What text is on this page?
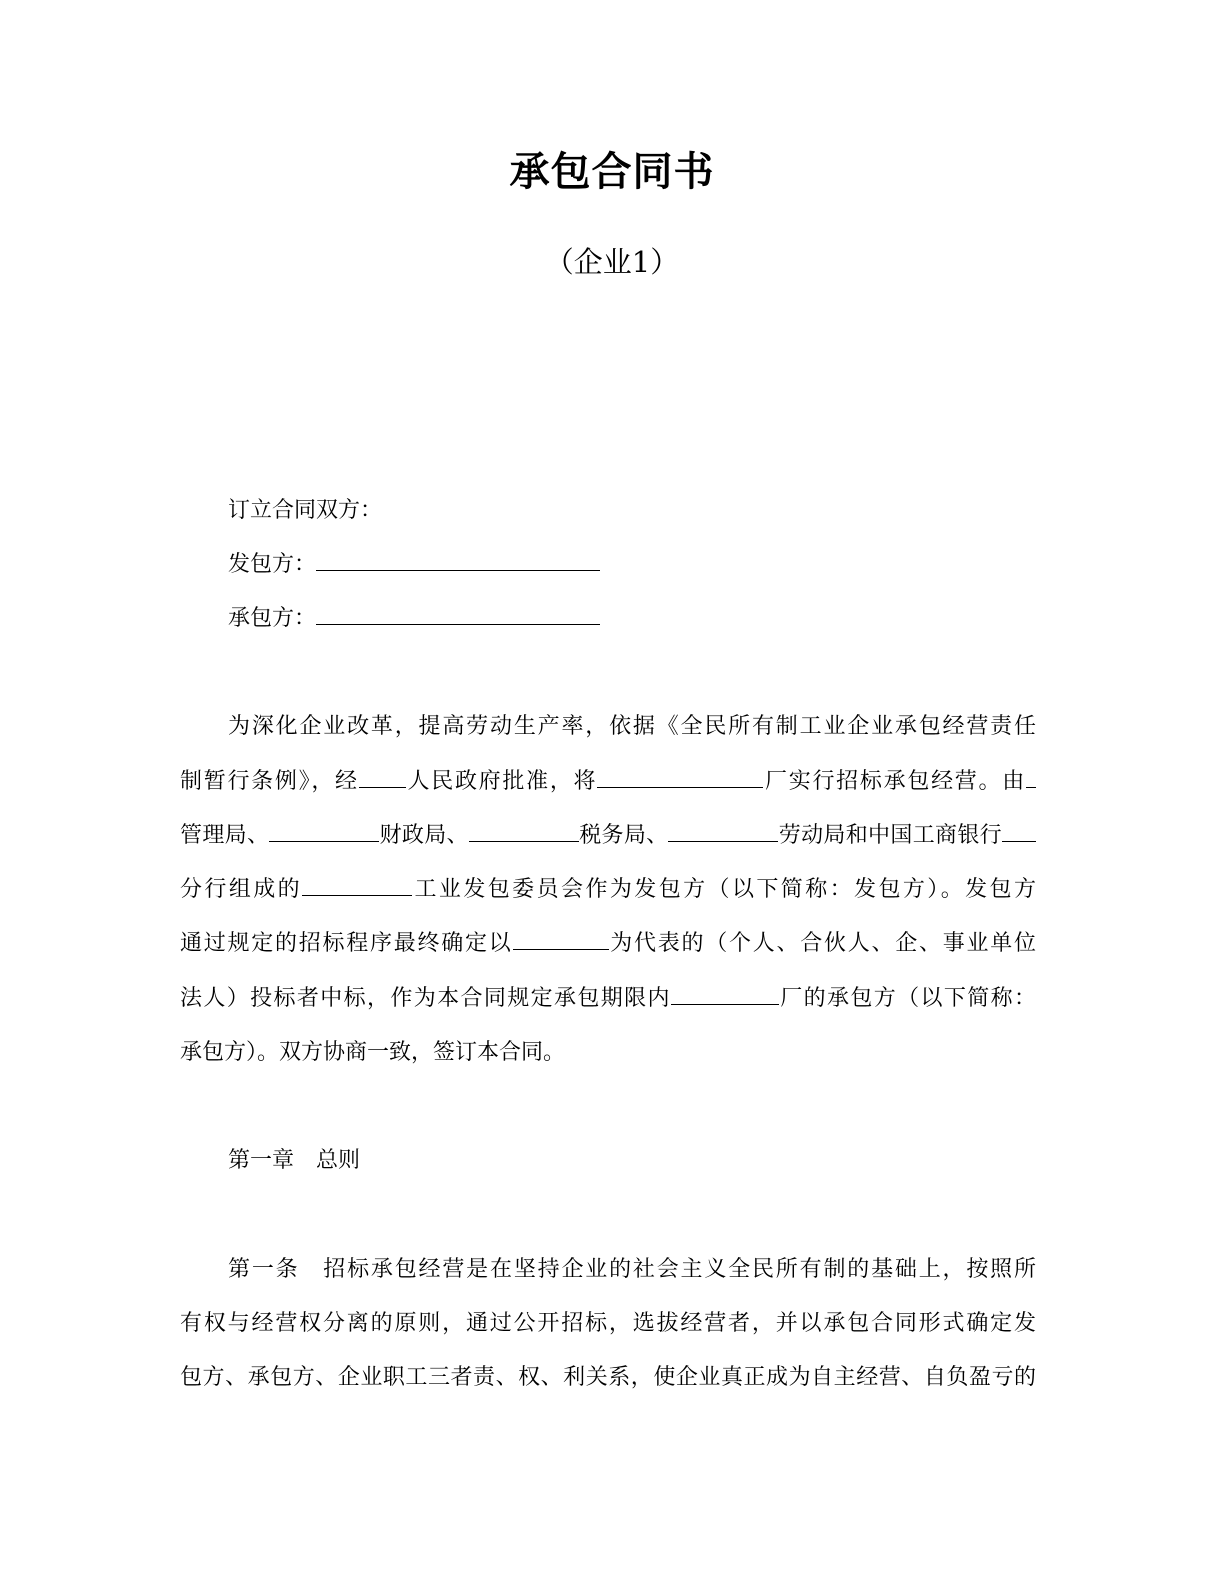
承包合同书
（企业1）
订立合同双方：
发包方：
承包方：
为深化企业改革，提高劳动生产率，依据《全民所有制工业企业承包经营责任
制暂行条例》，经 人民政府批准，将	厂实行招标承包经营。由
管理局、	财政局、	税务局、	劳动局和中国工商银行
分行组成的	工业发包委员会作为发包方（以下简称：发包方）。发包方
通过规定的招标程序最终确定以	为代表的（个人、合伙人、企、事业单位
法人）投标者中标，作为本合同规定承包期限内	厂的承包方（以下简称：
承包方）。双方协商一致，签订本合同。
第一章　总则
第一条　招标承包经营是在坚持企业的社会主义全民所有制的基础上，按照所
有权与经营权分离的原则，通过公开招标，选拔经营者，并以承包合同形式确定发
包方、承包方、企业职工三者责、权、利关系，使企业真正成为自主经营、自负盈亏的
